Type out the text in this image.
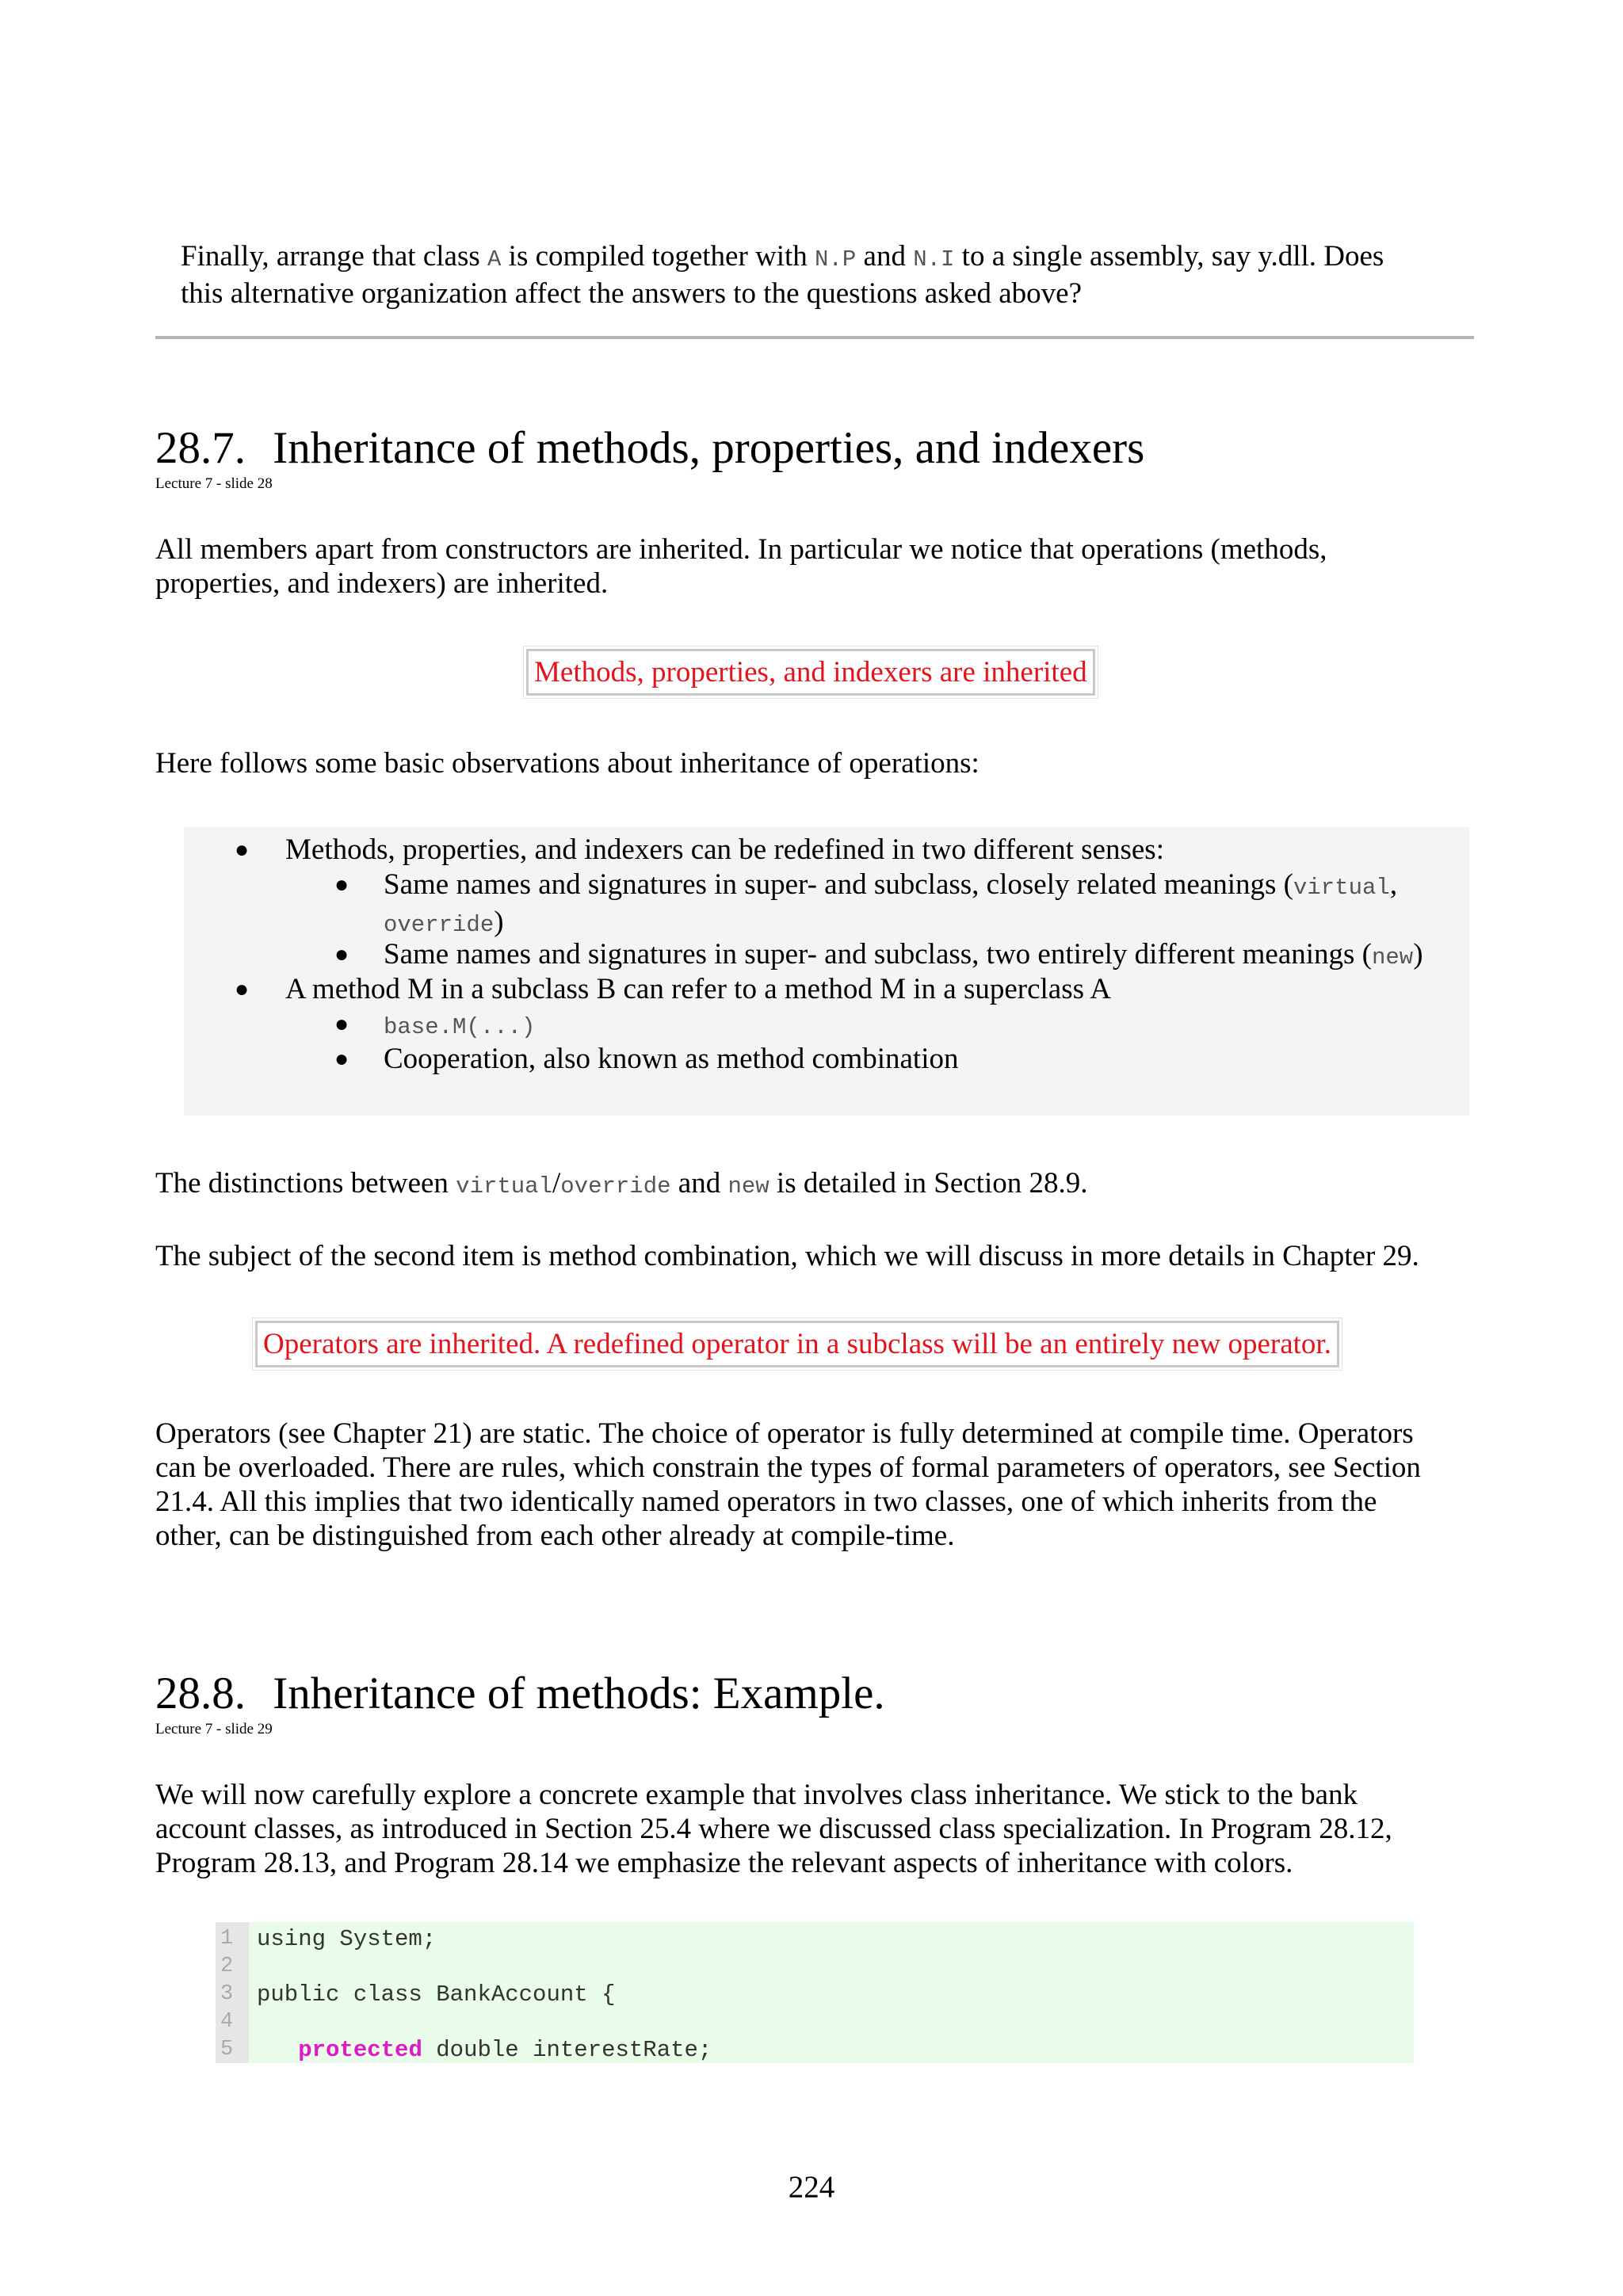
Finally, arrange that class A is compiled together with N.P and N.I to a single assembly, say y.dll. Does
this alternative organization affect the answers to the questions asked above?

28.7. Inheritance of methods, properties, and indexers
Lecture 7 - slide 28

All members apart from constructors are inherited. In particular we notice that operations (methods,
properties, and indexers) are inherited.

Methods, properties, and indexers are inherited

Here follows some basic observations about inheritance of operations:

● Methods, properties, and indexers can be redefined in two different senses:
● Same names and signatures in super- and subclass, closely related meanings (virtual,
override)
● Same names and signatures in super- and subclass, two entirely different meanings (new)
● A method M in a subclass B can refer to a method M in a superclass A
● base.M(...)
● Cooperation, also known as method combination

The distinctions between virtual/override and new is detailed in Section 28.9.

The subject of the second item is method combination, which we will discuss in more details in Chapter 29.

Operators are inherited. A redefined operator in a subclass will be an entirely new operator.

Operators (see Chapter 21) are static. The choice of operator is fully determined at compile time. Operators
can be overloaded. There are rules, which constrain the types of formal parameters of operators, see Section
21.4. All this implies that two identically named operators in two classes, one of which inherits from the
other, can be distinguished from each other already at compile-time.

28.8. Inheritance of methods: Example.
Lecture 7 - slide 29

We will now carefully explore a concrete example that involves class inheritance. We stick to the bank
account classes, as introduced in Section 25.4 where we discussed class specialization. In Program 28.12,
Program 28.13, and Program 28.14 we emphasize the relevant aspects of inheritance with colors.

1
2
3
4
5
using System;
public class BankAccount {
protected double interestRate;
224
